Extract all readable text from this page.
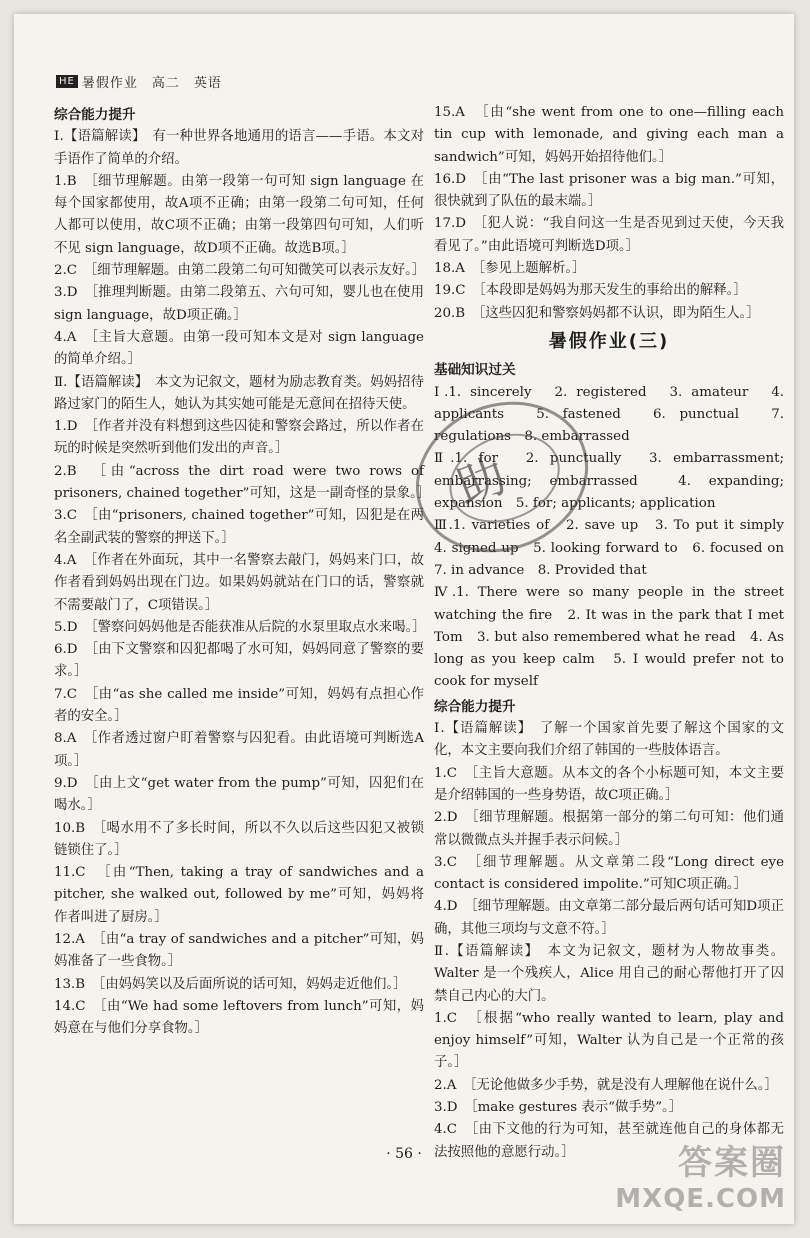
HE 暑假作业　高二　英语
综合能力提升
Ⅰ.【语篇解读】　有一种世界各地通用的语言——手语。本文对手语作了简单的介绍。
1.B　［细节理解题。由第一段第一句可知 sign language 在每个国家都使用，故A项不正确；由第一段第二句可知，任何人都可以使用，故C项不正确；由第一段第四句可知，人们听不见 sign language，故D项不正确。故选B项。］
2.C　［细节理解题。由第二段第二句可知微笑可以表示友好。］
3.D　［推理判断题。由第二段第五、六句可知，婴儿也在使用 sign language，故D项正确。］
4.A　［主旨大意题。由第一段可知本文是对 sign language 的简单介绍。］
Ⅱ.【语篇解读】　本文为记叙文，题材为励志教育类。妈妈招待路过家门的陌生人，她认为其实她可能是无意间在招待天使。
1.D　［作者并没有料想到这些囚徒和警察会路过，所以作者在玩的时候是突然听到他们发出的声音。］
2.B　［由“across the dirt road were two rows of prisoners, chained together”可知，这是一副奇怪的景象。］
3.C　［由“prisoners, chained together”可知，囚犯是在两名全副武装的警察的押送下。］
4.A　［作者在外面玩，其中一名警察去敲门，妈妈来门口，故作者看到妈妈出现在门边。如果妈妈就站在门口的话，警察就不需要敲门了，C项错误。］
5.D　［警察问妈妈他是否能获准从后院的水泵里取点水来喝。］
6.D　［由下文警察和囚犯都喝了水可知，妈妈同意了警察的要求。］
7.C　［由“as she called me inside”可知，妈妈有点担心作者的安全。］
8.A　［作者透过窗户盯着警察与囚犯看。由此语境可判断选A项。］
9.D　［由上文“get water from the pump”可知，囚犯们在喝水。］
10.B　［喝水用不了多长时间，所以不久以后这些囚犯又被锁链锁住了。］
11.C　［由“Then, taking a tray of sandwiches and a pitcher, she walked out, followed by me”可知，妈妈将作者叫进了厨房。］
12.A　［由“a tray of sandwiches and a pitcher”可知，妈妈准备了一些食物。］
13.B　［由妈妈笑以及后面所说的话可知，妈妈走近他们。］
14.C　［由“We had some leftovers from lunch”可知，妈妈意在与他们分享食物。］
15.A　［由“she went from one to one—filling each tin cup with lemonade, and giving each man a sandwich”可知，妈妈开始招待他们。］
16.D　［由“The last prisoner was a big man.”可知，很快就到了队伍的最末端。］
17.D　［犯人说：“我自问这一生是否见到过天使，今天我看见了。”由此语境可判断选D项。］
18.A　［参见上题解析。］
19.C　［本段即是妈妈为那天发生的事给出的解释。］
20.B　［这些囚犯和警察妈妈都不认识，即为陌生人。］
暑假作业(三)
基础知识过关
Ⅰ.1. sincerely　2. registered　3. amateur　4. applicants　5. fastened　6. punctual　7. regulations　8. embarrassed
Ⅱ.1. for　2. punctually　3. embarrassment; embarrassing; embarrassed　4. expanding; expansion　5. for; applicants; application
Ⅲ.1. varieties of　2. save up　3. To put it simply　4. signed up　5. looking forward to　6. focused on　7. in advance　8. Provided that
Ⅳ.1. There were so many people in the street watching the fire　2. It was in the park that I met Tom　3. but also remembered what he read　4. As long as you keep calm　5. I would prefer not to cook for myself
综合能力提升
Ⅰ.【语篇解读】　了解一个国家首先要了解这个国家的文化，本文主要向我们介绍了韩国的一些肢体语言。
1.C　［主旨大意题。从本文的各个小标题可知，本文主要是介绍韩国的一些身势语，故C项正确。］
2.D　［细节理解题。根据第一部分的第二句可知：他们通常以微微点头并握手表示问候。］
3.C　［细节理解题。从文章第二段“Long direct eye contact is considered impolite.”可知C项正确。］
4.D　［细节理解题。由文章第二部分最后两句话可知D项正确，其他三项均与文意不符。］
Ⅱ.【语篇解读】　本文为记叙文，题材为人物故事类。Walter 是一个残疾人，Alice 用自己的耐心帮他打开了囚禁自己内心的大门。
1.C　［根据“who really wanted to learn, play and enjoy himself”可知，Walter 认为自己是一个正常的孩子。］
2.A　［无论他做多少手势，就是没有人理解他在说什么。］
3.D　［make gestures 表示“做手势”。］
4.C　［由下文他的行为可知，甚至就连他自己的身体都无法按照他的意愿行动。］
助
· 56 ·	答案圈
MXQE.COM
